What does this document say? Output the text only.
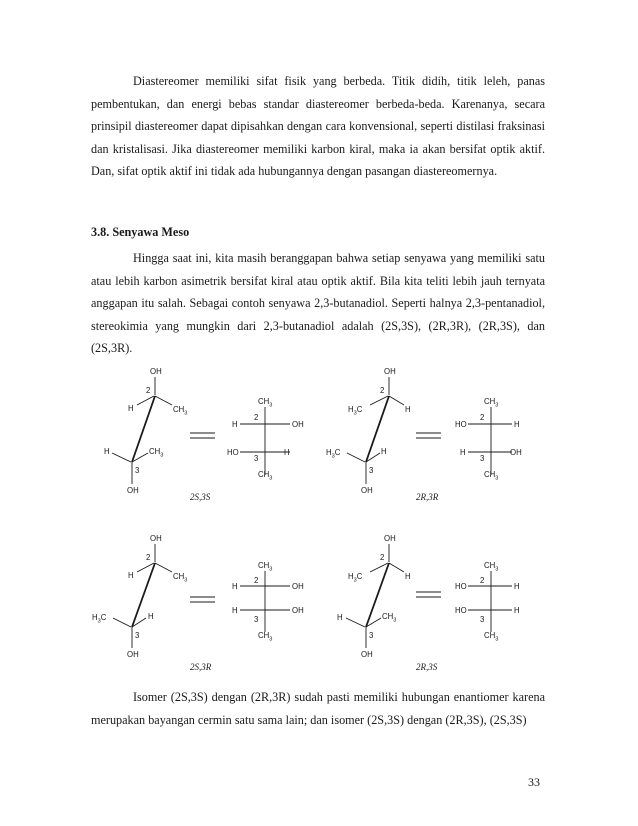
Diastereomer memiliki sifat fisik yang berbeda. Titik didih, titik leleh, panas pembentukan, dan energi bebas standar diastereomer berbeda-beda. Karenanya, secara prinsipil diastereomer dapat dipisahkan dengan cara konvensional, seperti distilasi fraksinasi dan kristalisasi. Jika diastereomer memiliki karbon kiral, maka ia akan bersifat optik aktif. Dan, sifat optik aktif ini tidak ada hubungannya dengan pasangan diastereomernya.

3.8. Senyawa Meso

Hingga saat ini, kita masih beranggapan bahwa setiap senyawa yang memiliki satu atau lebih karbon asimetrik bersifat kiral atau optik aktif. Bila kita teliti lebih jauh ternyata anggapan itu salah. Sebagai contoh senyawa 2,3-butanadiol. Seperti halnya 2,3-pentanadiol, stereokimia yang mungkin dari 2,3-butanadiol adalah (2S,3S), (2R,3R), (2R,3S), dan (2S,3R).

Isomer (2S,3S) dengan (2R,3R) sudah pasti memiliki hubungan enantiomer karena merupakan bayangan cermin satu sama lain; dan isomer (2S,3S) dengan (2R,3S), (2S,3S)

33
OH
2
H	$CH_3$
H	$CH_3$
3
OH
$CH_3$
H	OH
2
HO	H
3
$CH_3$
2S,3S
OH
2
$H_3C$	H
$H_3C$	H
3
OH
$CH_3$
HO	H
2
H	OH
3
$CH_3$
2R,3R
OH
2
H	$CH_3$
$H_3C$	H
3
OH
$CH_3$
H	OH
2
H	OH
3
$CH_3$
2S,3R
OH
2
$H_3C$	H
H	$CH_3$
3
OH
$CH_3$
HO	H
2
HO	H
3
$CH_3$
2R,3S
